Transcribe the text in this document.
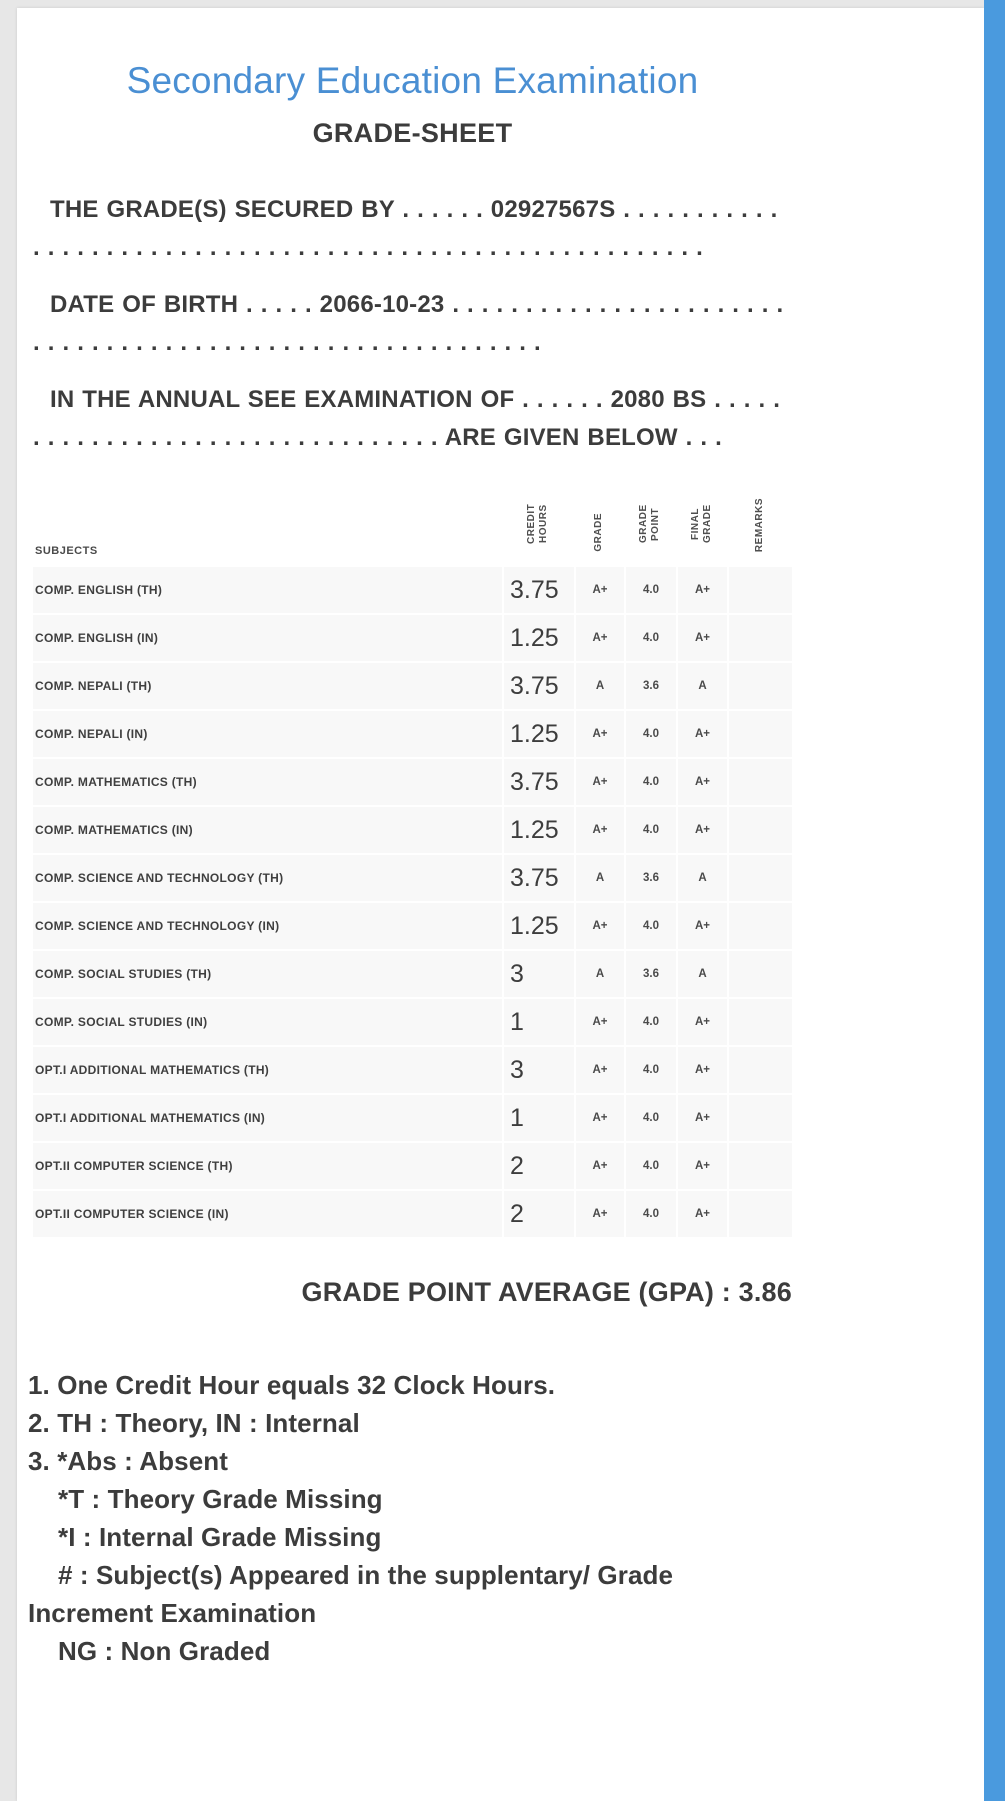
Secondary Education Examination
GRADE-SHEET

THE GRADE(S) SECURED BY . . . . . . 02927567S . . . . . . . . . . . . . . . . . . . . . . . . . . . . . . . . . . . . . . . . . . . . . . . . . . . . . . . . .

DATE OF BIRTH . . . . . 2066-10-23 . . . . . . . . . . . . . . . . . . . . . . . . . . . . . . . . . . . . . . . . . . . . . . . . . . . . . . . . . .

IN THE ANNUAL SEE EXAMINATION OF . . . . . . 2080 BS . . . . . . . . . . . . . . . . . . . . . . . . . . . . . . . . . ARE GIVEN BELOW . . .

SUBJECTS	CREDIT HOURS	GRADE	GRADE POINT	FINAL GRADE	REMARKS
COMP. ENGLISH (TH)	3.75	A+	4.0	A+	
COMP. ENGLISH (IN)	1.25	A+	4.0	A+	
COMP. NEPALI (TH)	3.75	A	3.6	A	
COMP. NEPALI (IN)	1.25	A+	4.0	A+	
COMP. MATHEMATICS (TH)	3.75	A+	4.0	A+	
COMP. MATHEMATICS (IN)	1.25	A+	4.0	A+	
COMP. SCIENCE AND TECHNOLOGY (TH)	3.75	A	3.6	A	
COMP. SCIENCE AND TECHNOLOGY (IN)	1.25	A+	4.0	A+	
COMP. SOCIAL STUDIES (TH)	3	A	3.6	A	
COMP. SOCIAL STUDIES (IN)	1	A+	4.0	A+	
OPT.I ADDITIONAL MATHEMATICS (TH)	3	A+	4.0	A+	
OPT.I ADDITIONAL MATHEMATICS (IN)	1	A+	4.0	A+	
OPT.II COMPUTER SCIENCE (TH)	2	A+	4.0	A+	
OPT.II COMPUTER SCIENCE (IN)	2	A+	4.0	A+	
GRADE POINT AVERAGE (GPA) : 3.86
1. One Credit Hour equals 32 Clock Hours.
2. TH : Theory, IN : Internal
3. *Abs : Absent
*T : Theory Grade Missing
*I : Internal Grade Missing
# : Subject(s) Appeared in the supplentary/ Grade Increment Examination
NG : Non Graded
